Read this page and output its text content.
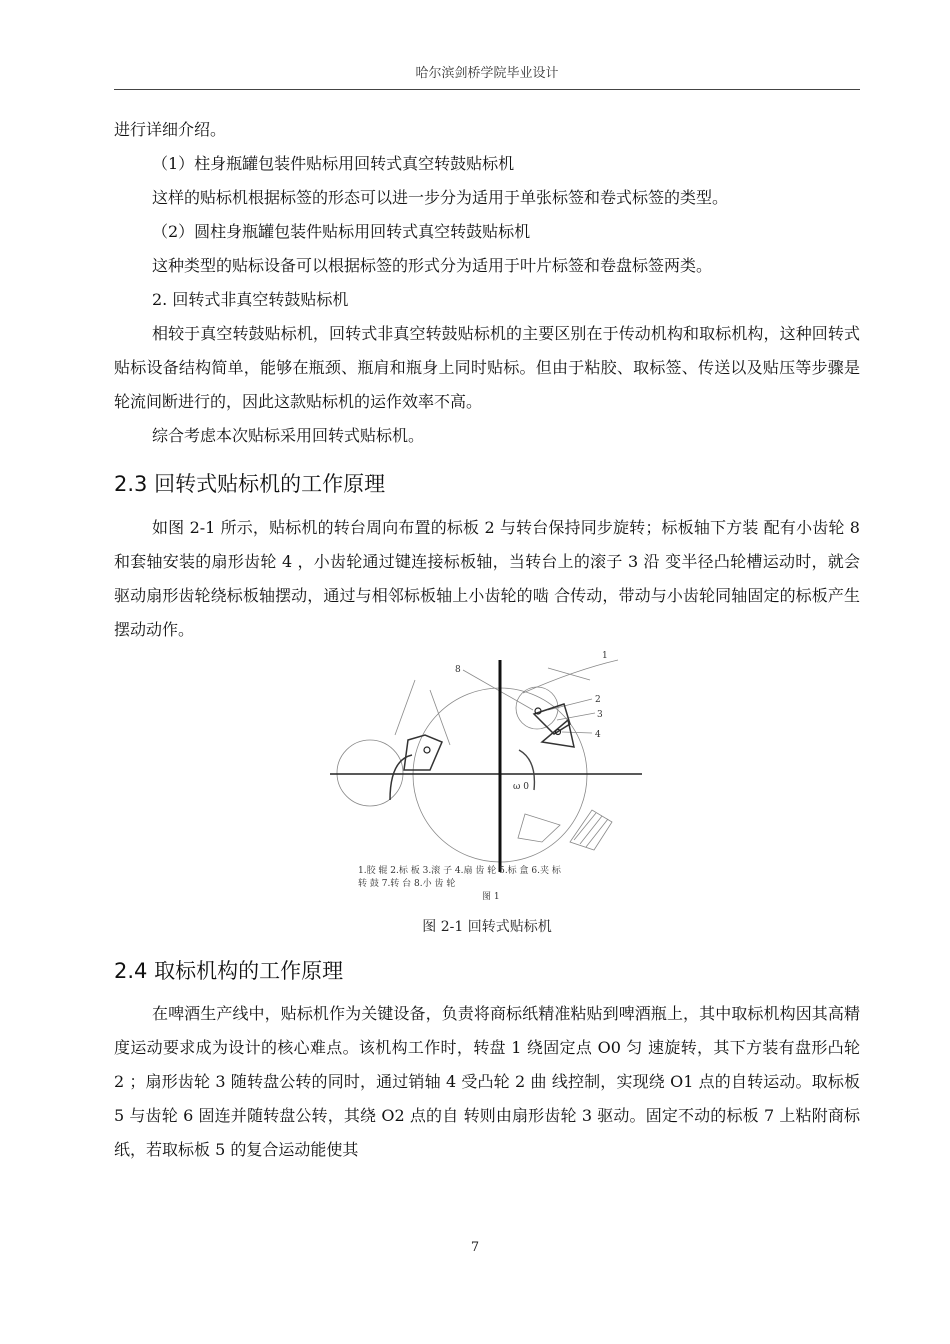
哈尔滨剑桥学院毕业设计

进行详细介绍。

（1）柱身瓶罐包装件贴标用回转式真空转鼓贴标机

这样的贴标机根据标签的形态可以进一步分为适用于单张标签和卷式标签的类型。

（2）圆柱身瓶罐包装件贴标用回转式真空转鼓贴标机

这种类型的贴标设备可以根据标签的形式分为适用于叶片标签和卷盘标签两类。

2. 回转式非真空转鼓贴标机

相较于真空转鼓贴标机，回转式非真空转鼓贴标机的主要区别在于传动机构和取标机构，这种回转式贴标设备结构简单，能够在瓶颈、瓶肩和瓶身上同时贴标。但由于粘胶、取标签、传送以及贴压等步骤是轮流间断进行的，因此这款贴标机的运作效率不高。

综合考虑本次贴标采用回转式贴标机。

2.3 回转式贴标机的工作原理

如图 2-1 所示，贴标机的转台周向布置的标板 2 与转台保持同步旋转；标板轴下方装 配有小齿轮 8 和套轴安装的扇形齿轮 4 ，小齿轮通过键连接标板轴，当转台上的滚子 3 沿 变半径凸轮槽运动时，就会驱动扇形齿轮绕标板轴摆动，通过与相邻标板轴上小齿轮的啮 合传动，带动与小齿轮同轴固定的标板产生摆动动作。

8
1
2
3
4
ω 0
1.胶 辊 2.标 板 3.滚 子 4.扇 齿 轮 5.标 盒 6.夹 标
转 鼓 7.转 台 8.小 齿 轮
图 1
图 2-1 回转式贴标机
2.4 取标机构的工作原理

在啤酒生产线中，贴标机作为关键设备，负责将商标纸精准粘贴到啤酒瓶上，其中取标机构因其高精度运动要求成为设计的核心难点。该机构工作时，转盘 1 绕固定点 O0 匀 速旋转，其下方装有盘形凸轮 2 ；扇形齿轮 3 随转盘公转的同时，通过销轴 4 受凸轮 2 曲 线控制，实现绕 O1 点的自转运动。取标板 5 与齿轮 6 固连并随转盘公转，其绕 O2 点的自 转则由扇形齿轮 3 驱动。固定不动的标板 7 上粘附商标纸，若取标板 5 的复合运动能使其

7
